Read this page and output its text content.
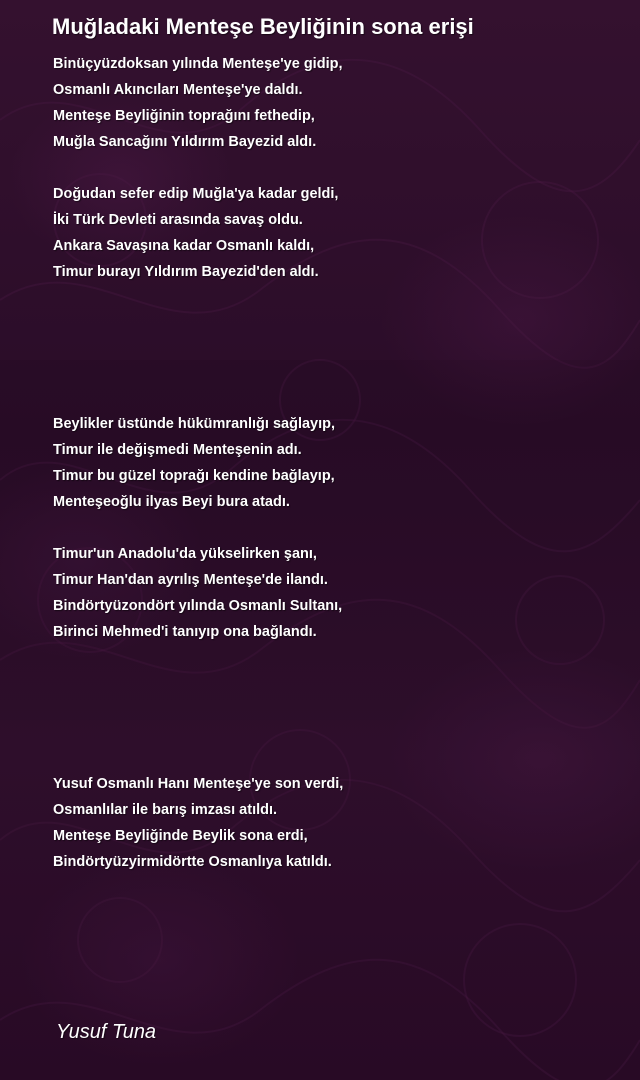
Muğladaki Menteşe Beyliğinin sona erişi
Binüçyüzdoksan yılında Menteşe'ye gidip,
Osmanlı Akıncıları Menteşe'ye daldı.
Menteşe Beyliğinin toprağını fethedip,
Muğla Sancağını Yıldırım Bayezid aldı.
Doğudan sefer edip Muğla'ya kadar geldi,
İki Türk Devleti arasında savaş oldu.
Ankara Savaşına kadar Osmanlı kaldı,
Timur burayı Yıldırım Bayezid'den aldı.
Beylikler üstünde hükümranlığı sağlayıp,
Timur ile değişmedi Menteşenin adı.
Timur bu güzel toprağı kendine bağlayıp,
Menteşeoğlu ilyas Beyi bura atadı.
Timur'un Anadolu'da yükselirken şanı,
Timur Han'dan ayrılış Menteşe'de ilandı.
Bindörtyüzondört yılında Osmanlı Sultanı,
Birinci Mehmed'i tanıyıp ona bağlandı.
Yusuf Osmanlı Hanı Menteşe'ye son verdi,
Osmanlılar ile barış imzası atıldı.
Menteşe Beyliğinde Beylik sona erdi,
Bindörtyüzyirmidörtte Osmanlıya katıldı.

Yusuf Tuna
